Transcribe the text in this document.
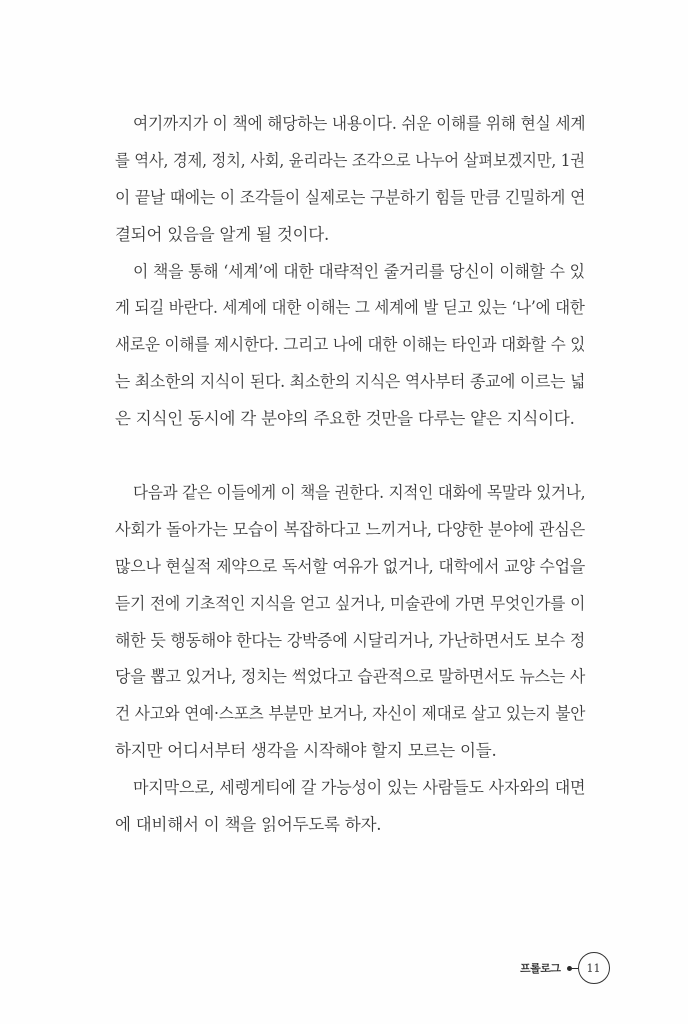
여기까지가 이 책에 해당하는 내용이다. 쉬운 이해를 위해 현실 세계
를 역사, 경제, 정치, 사회, 윤리라는 조각으로 나누어 살펴보겠지만, 1권
이 끝날 때에는 이 조각들이 실제로는 구분하기 힘들 만큼 긴밀하게 연
결되어 있음을 알게 될 것이다.
이 책을 통해 ‘세계’에 대한 대략적인 줄거리를 당신이 이해할 수 있
게 되길 바란다. 세계에 대한 이해는 그 세계에 발 딛고 있는 ‘나’에 대한
새로운 이해를 제시한다. 그리고 나에 대한 이해는 타인과 대화할 수 있
는 최소한의 지식이 된다. 최소한의 지식은 역사부터 종교에 이르는 넓
은 지식인 동시에 각 분야의 주요한 것만을 다루는 얕은 지식이다.
다음과 같은 이들에게 이 책을 권한다. 지적인 대화에 목말라 있거나,
사회가 돌아가는 모습이 복잡하다고 느끼거나, 다양한 분야에 관심은
많으나 현실적 제약으로 독서할 여유가 없거나, 대학에서 교양 수업을
듣기 전에 기초적인 지식을 얻고 싶거나, 미술관에 가면 무엇인가를 이
해한 듯 행동해야 한다는 강박증에 시달리거나, 가난하면서도 보수 정
당을 뽑고 있거나, 정치는 썩었다고 습관적으로 말하면서도 뉴스는 사
건 사고와 연예·스포츠 부분만 보거나, 자신이 제대로 살고 있는지 불안
하지만 어디서부터 생각을 시작해야 할지 모르는 이들.
마지막으로, 세렝게티에 갈 가능성이 있는 사람들도 사자와의 대면
에 대비해서 이 책을 읽어두도록 하자.
프롤로그 11
